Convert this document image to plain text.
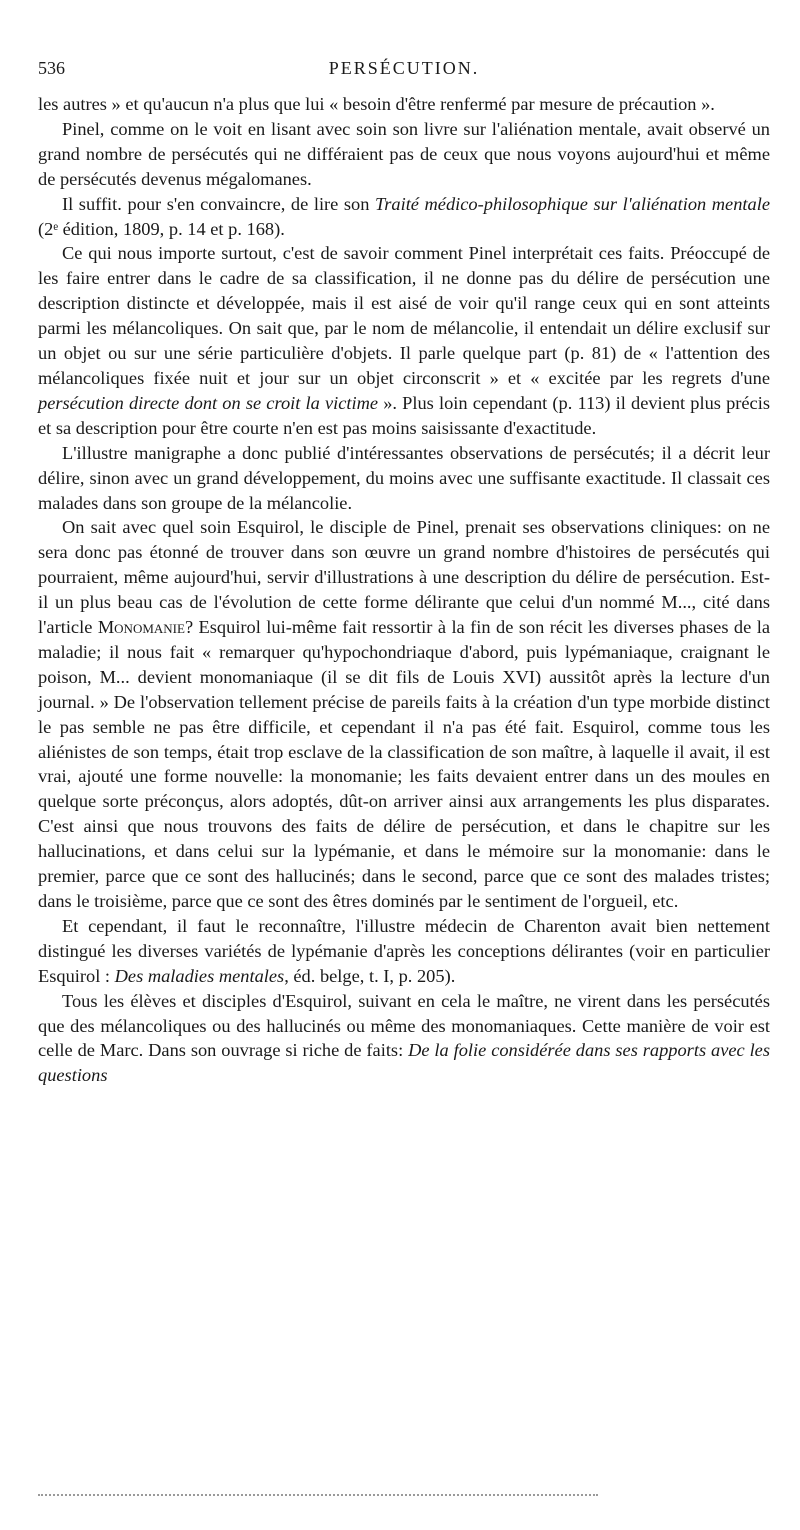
536	PERSÉCUTION.

les autres » et qu'aucun n'a plus que lui « besoin d'être renfermé par mesure de précaution ».

Pinel, comme on le voit en lisant avec soin son livre sur l'aliénation mentale, avait observé un grand nombre de persécutés qui ne différaient pas de ceux que nous voyons aujourd'hui et même de persécutés devenus mégalomanes.

Il suffit. pour s'en convaincre, de lire son Traité médico-philosophique sur l'aliénation mentale (2ᵉ édition, 1809, p. 14 et p. 168).

Ce qui nous importe surtout, c'est de savoir comment Pinel interprétait ces faits. Préoccupé de les faire entrer dans le cadre de sa classification, il ne donne pas du délire de persécution une description distincte et développée, mais il est aisé de voir qu'il range ceux qui en sont atteints parmi les mélancoliques. On sait que, par le nom de mélancolie, il entendait un délire exclusif sur un objet ou sur une série particulière d'objets. Il parle quelque part (p. 81) de « l'attention des mélancoliques fixée nuit et jour sur un objet circonscrit » et « excitée par les regrets d'une persécution directe dont on se croit la victime ». Plus loin cependant (p. 113) il devient plus précis et sa description pour être courte n'en est pas moins saisissante d'exactitude.

L'illustre manigraphe a donc publié d'intéressantes observations de persécutés; il a décrit leur délire, sinon avec un grand développement, du moins avec une suffisante exactitude. Il classait ces malades dans son groupe de la mélancolie.

On sait avec quel soin Esquirol, le disciple de Pinel, prenait ses observations cliniques: on ne sera donc pas étonné de trouver dans son œuvre un grand nombre d'histoires de persécutés qui pourraient, même aujourd'hui, servir d'illustrations à une description du délire de persécution. Est-il un plus beau cas de l'évolution de cette forme délirante que celui d'un nommé M..., cité dans l'article Monomanie? Esquirol lui-même fait ressortir à la fin de son récit les diverses phases de la maladie; il nous fait « remarquer qu'hypochondriaque d'abord, puis lypémaniaque, craignant le poison, M... devient monomaniaque (il se dit fils de Louis XVI) aussitôt après la lecture d'un journal. » De l'observation tellement précise de pareils faits à la création d'un type morbide distinct le pas semble ne pas être difficile, et cependant il n'a pas été fait. Esquirol, comme tous les aliénistes de son temps, était trop esclave de la classification de son maître, à laquelle il avait, il est vrai, ajouté une forme nouvelle: la monomanie; les faits devaient entrer dans un des moules en quelque sorte préconçus, alors adoptés, dût-on arriver ainsi aux arrangements les plus disparates. C'est ainsi que nous trouvons des faits de délire de persécution, et dans le chapitre sur les hallucinations, et dans celui sur la lypémanie, et dans le mémoire sur la monomanie: dans le premier, parce que ce sont des hallucinés; dans le second, parce que ce sont des malades tristes; dans le troisième, parce que ce sont des êtres dominés par le sentiment de l'orgueil, etc.

Et cependant, il faut le reconnaître, l'illustre médecin de Charenton avait bien nettement distingué les diverses variétés de lypémanie d'après les conceptions délirantes (voir en particulier Esquirol : Des maladies mentales, éd. belge, t. I, p. 205).

Tous les élèves et disciples d'Esquirol, suivant en cela le maître, ne virent dans les persécutés que des mélancoliques ou des hallucinés ou même des monomaniaques. Cette manière de voir est celle de Marc. Dans son ouvrage si riche de faits: De la folie considérée dans ses rapports avec les questions
